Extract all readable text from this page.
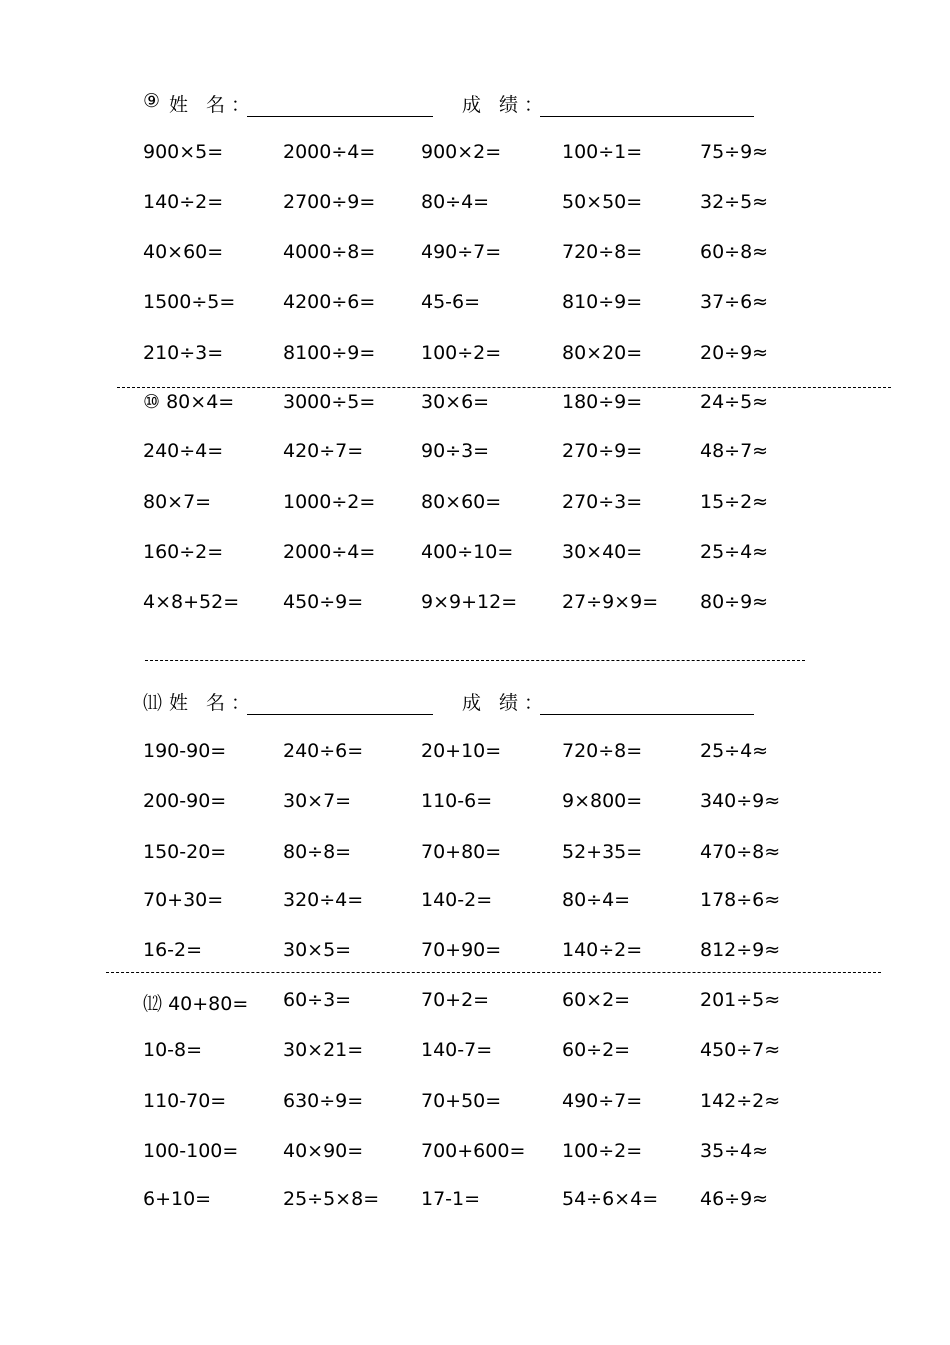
⑨ 姓 名：	成 绩：
900×5=	2000÷4= 900×2=	100÷1=	75÷9≈
140÷2=	2700÷9= 80÷4=	50×50=	32÷5≈
40×60=	4000÷8= 490÷7=	720÷8=	60÷8≈
1500÷5=	4200÷6= 45-6=	810÷9=	37÷6≈
210÷3=	8100÷9= 100÷2=	80×20=	20÷9≈
⑩ 80×4=	3000÷5= 30×6=	180÷9=	24÷5≈
240÷4=	420÷7=	90÷3=	270÷9=	48÷7≈
80×7=	1000÷2= 80×60=	270÷3=	15÷2≈
160÷2=	2000÷4= 400÷10=	30×40=	25÷4≈
4×8+52= 450÷9=	9×9+12= 27÷9×9= 80÷9≈
⑾ 姓 名：	成 绩：
190-90=	240÷6=	20+10=	720÷8=	25÷4≈
200-90=	30×7=	110-6=	9×800=	340÷9≈
150-20=	80÷8=	70+80=	52+35=	470÷8≈
70+30=	320÷4=	140-2=	80÷4=	178÷6≈
16-2=	30×5=	70+90=	140÷2=	812÷9≈
⑿ 40+80= 60÷3=	70+2=	60×2=	201÷5≈
10-8=	30×21=	140-7=	60÷2=	450÷7≈
110-70=	630÷9=	70+50=	490÷7=	142÷2≈
100-100= 40×90=	700+600= 100÷2=	35÷4≈
6+10=	25÷5×8= 17-1=	54÷6×4= 46÷9≈
